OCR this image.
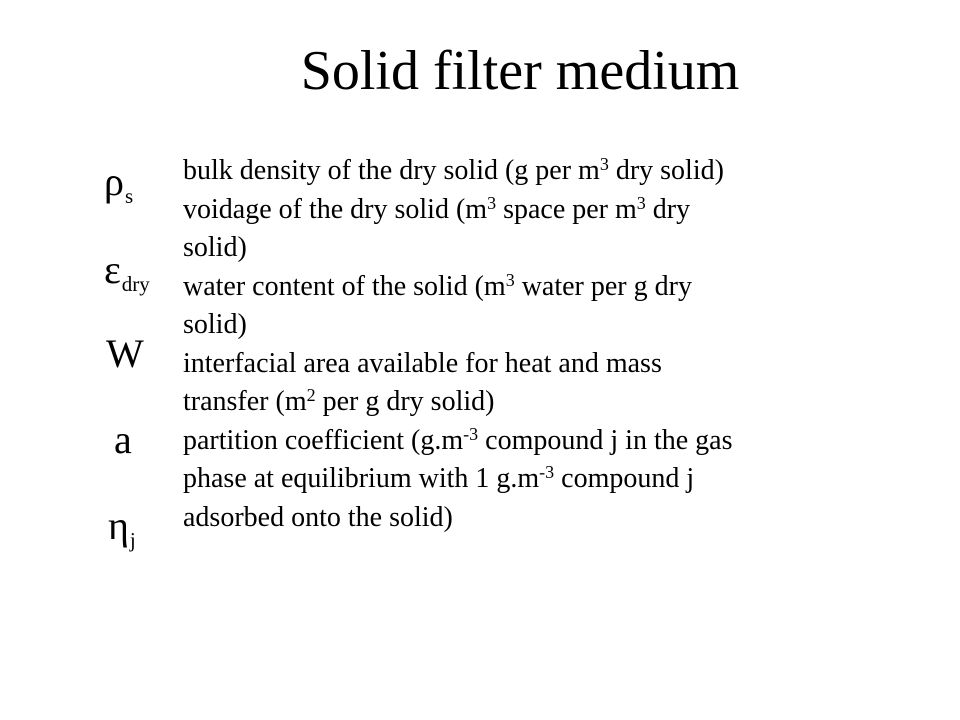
Solid filter medium
$\rho_s$
$\varepsilon_{dry}$
W
a
$\eta_j$
bulk density of the dry solid (g per $m^3$ dry solid)
voidage of the dry solid ($m^3$ space per $m^3$ dry
solid)
water content of the solid ($m^3$ water per g dry
solid)
interfacial area available for heat and mass
transfer ($m^2$ per g dry solid)
partition coefficient ($g.m^{-3}$ compound j in the gas
phase at equilibrium with 1 $g.m^{-3}$ compound j
adsorbed onto the solid)
